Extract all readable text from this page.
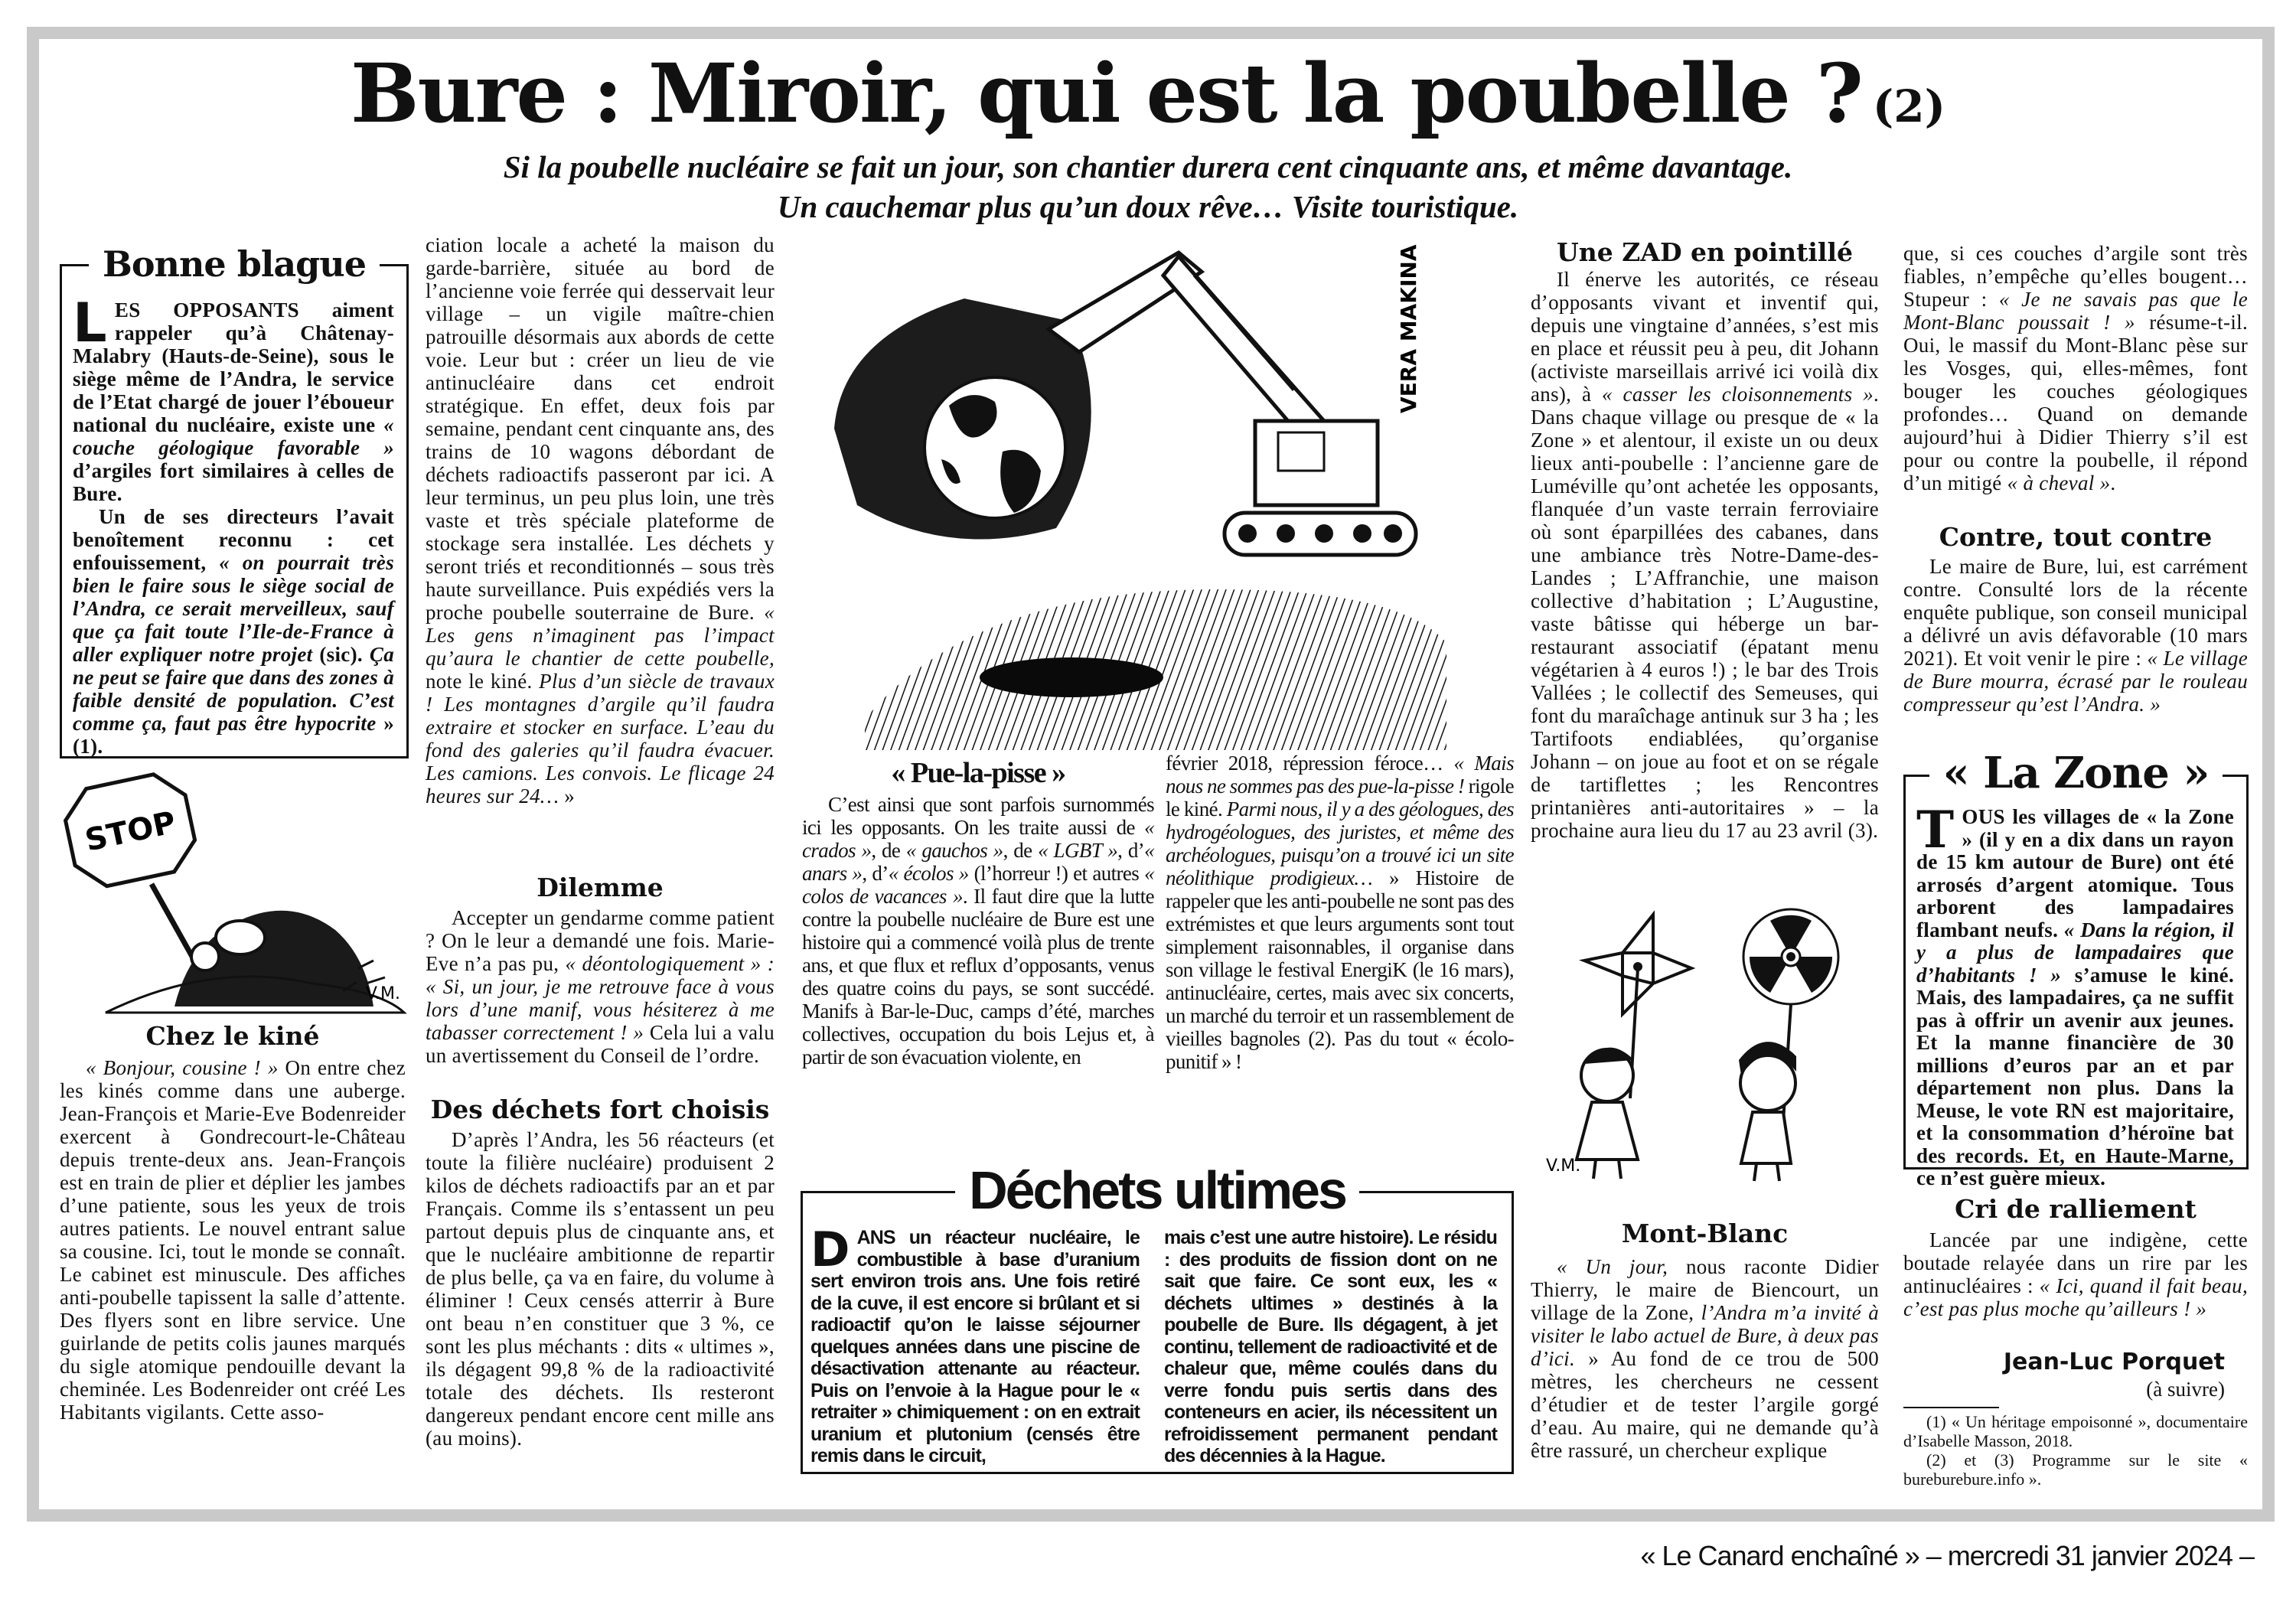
Bure : Miroir, qui est la poubelle ? (2)
Si la poubelle nucléaire se fait un jour, son chantier durera cent cinquante ans, et même davantage.
Un cauchemar plus qu’un doux rêve… Visite touristique.
Bonne blague
L ES OPPOSANTS aiment rappeler qu’à Châtenay-Malabry (Hauts-de-Seine), sous le siège même de l’Andra, le service de l’Etat chargé de jouer l’éboueur national du nucléaire, existe une « couche géologique favorable » d’argiles fort similaires à celles de Bure.

Un de ses directeurs l’avait benoîtement reconnu : cet enfouissement, « on pourrait très bien le faire sous le siège social de l’Andra, ce serait merveilleux, sauf que ça fait toute l’Ile-de-France à aller expliquer notre projet (sic). Ça ne peut se faire que dans des zones à faible densité de population. C’est comme ça, faut pas être hypocrite » (1).

STOP
V.M.
Chez le kiné

« Bonjour, cousine ! » On entre chez les kinés comme dans une auberge. Jean-François et Marie-Eve Bodenreider exercent à Gondrecourt-le-Château depuis trente-deux ans. Jean-François est en train de plier et déplier les jambes d’une patiente, sous les yeux de trois autres patients. Le nouvel entrant salue sa cousine. Ici, tout le monde se connaît. Le cabinet est minuscule. Des affiches anti-poubelle tapissent la salle d’attente. Des flyers sont en libre service. Une guirlande de petits colis jaunes marqués du sigle atomique pendouille devant la cheminée. Les Bodenreider ont créé Les Habitants vigilants. Cette asso-

ciation locale a acheté la maison du garde-barrière, située au bord de l’ancienne voie ferrée qui desservait leur village – un vigile maître-chien patrouille désormais aux abords de cette voie. Leur but : créer un lieu de vie antinucléaire dans cet endroit stratégique. En effet, deux fois par semaine, pendant cent cinquante ans, des trains de 10 wagons débordant de déchets radioactifs passeront par ici. A leur terminus, un peu plus loin, une très vaste et très spéciale plateforme de stockage sera installée. Les déchets y seront triés et reconditionnés – sous très haute surveillance. Puis expédiés vers la proche poubelle souterraine de Bure. « Les gens n’imaginent pas l’impact qu’aura le chantier de cette poubelle, note le kiné. Plus d’un siècle de travaux ! Les montagnes d’argile qu’il faudra extraire et stocker en surface. L’eau du fond des galeries qu’il faudra évacuer. Les camions. Les convois. Le flicage 24 heures sur 24… »

Dilemme

Accepter un gendarme comme patient ? On le leur a demandé une fois. Marie-Eve n’a pas pu, « déontologiquement » : « Si, un jour, je me retrouve face à vous lors d’une manif, vous hésiterez à me tabasser correctement ! » Cela lui a valu un avertissement du Conseil de l’ordre.

Des déchets fort choisis

D’après l’Andra, les 56 réacteurs (et toute la filière nucléaire) produisent 2 kilos de déchets radioactifs par an et par Français. Comme ils s’entassent un peu partout depuis plus de cinquante ans, et que le nucléaire ambitionne de repartir de plus belle, ça va en faire, du volume à éliminer ! Ceux censés atterrir à Bure ont beau n’en constituer que 3 %, ce sont les plus méchants : dits « ultimes », ils dégagent 99,8 % de la radioactivité totale des déchets. Ils resteront dangereux pendant encore cent mille ans (au moins).

VERA MAKINA
« Pue-la-pisse »

C’est ainsi que sont parfois surnommés ici les opposants. On les traite aussi de « crados », de « gauchos », de « LGBT », d’« anars », d’« écolos » (l’horreur !) et autres « colos de vacances ». Il faut dire que la lutte contre la poubelle nucléaire de Bure est une histoire qui a commencé voilà plus de trente ans, et que flux et reflux d’opposants, venus des quatre coins du pays, se sont succédé. Manifs à Bar-le-Duc, camps d’été, marches collectives, occupation du bois Lejus et, à partir de son évacuation violente, en

février 2018, répression féroce… « Mais nous ne sommes pas des pue-la-pisse ! rigole le kiné. Parmi nous, il y a des géologues, des hydrogéologues, des juristes, et même des archéologues, puisqu’on a trouvé ici un site néolithique prodigieux… » Histoire de rappeler que les anti-poubelle ne sont pas des extrémistes et que leurs arguments sont tout simplement raisonnables, il organise dans son village le festival EnergiK (le 16 mars), antinucléaire, certes, mais avec six concerts, un marché du terroir et un rassemblement de vieilles bagnoles (2). Pas du tout « écolo-punitif » !

Déchets ultimes
D ANS un réacteur nucléaire, le combustible à base d’uranium sert environ trois ans. Une fois retiré de la cuve, il est encore si brûlant et si radioactif qu’on le laisse séjourner quelques années dans une piscine de désactivation attenante au réacteur. Puis on l’envoie à la Hague pour le « retraiter » chimiquement : on en extrait uranium et plutonium (censés être remis dans le circuit,

mais c’est une autre histoire). Le résidu : des produits de fission dont on ne sait que faire. Ce sont eux, les « déchets ultimes » destinés à la poubelle de Bure. Ils dégagent, à jet continu, tellement de radioactivité et de chaleur que, même coulés dans du verre fondu puis sertis dans des conteneurs en acier, ils nécessitent un refroidissement permanent pendant des décennies à la Hague.

Une ZAD en pointillé

Il énerve les autorités, ce réseau d’opposants vivant et inventif qui, depuis une vingtaine d’années, s’est mis en place et réussit peu à peu, dit Johann (activiste marseillais arrivé ici voilà dix ans), à « casser les cloisonnements ». Dans chaque village ou presque de « la Zone » et alentour, il existe un ou deux lieux anti-poubelle : l’ancienne gare de Luméville qu’ont achetée les opposants, flanquée d’un vaste terrain ferroviaire où sont éparpillées des cabanes, dans une ambiance très Notre-Dame-des-Landes ; L’Affranchie, une maison collective d’habitation ; L’Augustine, vaste bâtisse qui héberge un bar-restaurant associatif (épatant menu végétarien à 4 euros !) ; le bar des Trois Vallées ; le collectif des Semeuses, qui font du maraîchage antinuk sur 3 ha ; les Tartifoots endiablées, qu’organise Johann – on joue au foot et on se régale de tartiflettes ; les Rencontres printanières anti-autoritaires » – la prochaine aura lieu du 17 au 23 avril (3).

V.M.
Mont-Blanc

« Un jour, nous raconte Didier Thierry, le maire de Biencourt, un village de la Zone, l’Andra m’a invité à visiter le labo actuel de Bure, à deux pas d’ici. » Au fond de ce trou de 500 mètres, les chercheurs ne cessent d’étudier et de tester l’argile gorgé d’eau. Au maire, qui ne demande qu’à être rassuré, un chercheur explique

que, si ces couches d’argile sont très fiables, n’empêche qu’elles bougent… Stupeur : « Je ne savais pas que le Mont-Blanc poussait ! » résume-t-il. Oui, le massif du Mont-Blanc pèse sur les Vosges, qui, elles-mêmes, font bouger les couches géologiques profondes… Quand on demande aujourd’hui à Didier Thierry s’il est pour ou contre la poubelle, il répond d’un mitigé « à cheval ».

Contre, tout contre

Le maire de Bure, lui, est carrément contre. Consulté lors de la récente enquête publique, son conseil municipal a délivré un avis défavorable (10 mars 2021). Et voit venir le pire : « Le village de Bure mourra, écrasé par le rouleau compresseur qu’est l’Andra. »

« La Zone »
T OUS les villages de « la Zone » (il y en a dix dans un rayon de 15 km autour de Bure) ont été arrosés d’argent atomique. Tous arborent des lampadaires flambant neufs. « Dans la région, il y a plus de lampadaires que d’habitants ! » s’amuse le kiné. Mais, des lampadaires, ça ne suffit pas à offrir un avenir aux jeunes. Et la manne financière de 30 millions d’euros par an et par département non plus. Dans la Meuse, le vote RN est majoritaire, et la consommation d’héroïne bat des records. Et, en Haute-Marne, ce n’est guère mieux.

Cri de ralliement

Lancée par une indigène, cette boutade relayée dans un rire par les antinucléaires : « Ici, quand il fait beau, c’est pas plus moche qu’ailleurs ! »

Jean-Luc Porquet
(à suivre)

(1) « Un héritage empoisonné », documentaire d’Isabelle Masson, 2018.

(2) et (3) Programme sur le site « bureburebure.info ».

« Le Canard enchaîné » – mercredi 31 janvier 2024 –
